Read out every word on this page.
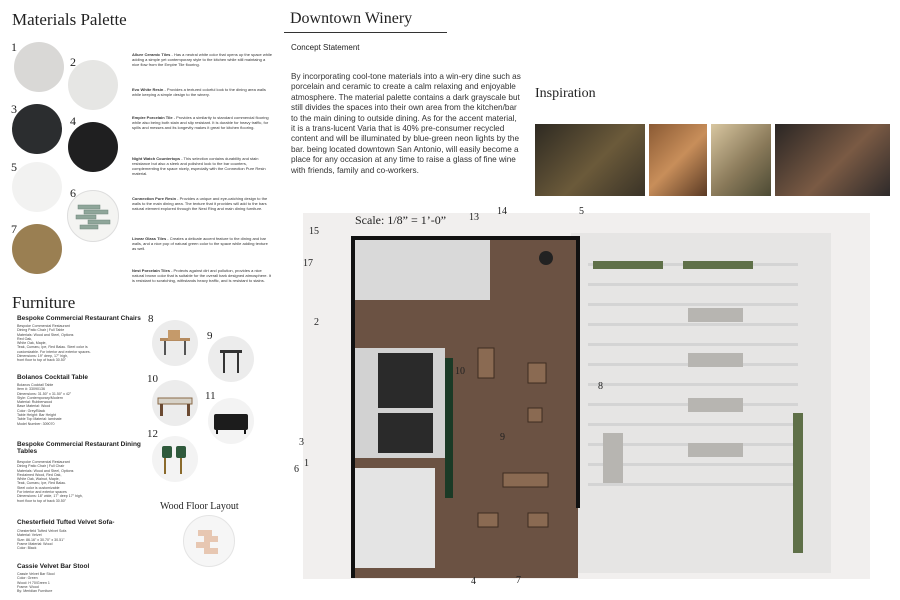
Materials Palette
1
2
3
4
5
6
7
Allure Ceramic Tiles - Has a neutral white color that opens up the space while adding a simple yet contemporary style to the kitchen while still maintaing a nice flow from the Empire Tile flooring.
Evo White Resin - Provides a textured colorful look to the dining area walls while keeping a simple design to the winery.
Empire Porcelain Tile - Provides a similarity to standard commercial flooring while also being both stain and slip resistant. It is durable for heavy traffic, for spills and messes and its longevity makes it great for kitchen flooring.
Night Watch Countertops - This selection contains durability and stain resistance but also a sleek and polished look to the bar counters, complementing the space nicely, especially with the Connection Pure Resin material.
Connection Pure Resin - Provides a unique and eye-catching design to the walls to the main dining area. The texture that it provides will add to the bars natural element explored through the Nest Ring and main dining furniture.
Linear Glass Tiles - Creates a delicate accent feature to the dining and bar walls, and a nice pop of natural green color to the space while adding texture as well.
Nest Porcelain Tiles - Protects against dirt and pollution, provides a nice natural brown color that is suitable for the overall bark designed atmosphere. It is resistant to scratching, withstands heavy traffic, and is resistant to stains.
Furniture
Bespoke Commercial Restaurant Chairs
Bespoke Commercial Restaurant
Dining Patio Chair | Full Table
Materials: Wood and Steel, Options
Red Oak,
White Oak, Maple,
Teak, Cumaru, Ipe, Red Balau. Steel color is
customizable. For interior and exterior spaces.
Dimensions: 19" deep, 17" high,
front floor to top of back 30.50"
Bolanos Cocktail Table
Bolanos Cocktail Table
Item #: 33090136
Dimensions: 31.50" x 31.50" x 42"
Style: Contemporary/Modern
Material: Rubberwood
Base Material: Wood
Color: Grey/Black
Table Height: Bar Height
Table Top Material: laminate
Model Number: 309070
Bespoke Commercial Restaurant Dining Tables
Bespoke Commercial Restaurant
Dining Patio Chair | Full Chair
Materials: Wood and Steel, Options
Reclaimed Wood, Red Oak,
White Oak, Walnut, Maple,
Teak, Cumaru, Ipe, Red Balau.
Steel color is customizable
For interior and exterior spaces
Dimensions: 18" wide, 17" deep 17" high,
front floor to top of back 30.50"
Chesterfield Tufted Velvet Sofa-
Chesterfield Tufted Velvet Sofa
Material: Velvet
Size: 86.16" x 30.70" x 30.51"
Frame Material: Wood
Color: Black
Cassie Velvet Bar Stool
Cassie Velvet Bar Stool
Color: Green
Wood: H 70/Green 1
Frame: Wood
By: Meridian Furniture
8
9
10
11
12
Wood Floor Layout
Downtown Winery
Concept Statement
By incorporating cool-tone materials into a win-ery dine such as porcelain and ceramic to create a calm relaxing and enjoyable atmosphere. The material palette contains a dark grayscale but still divides the spaces into their own area from the kitchen/bar to the main dining to outside dining. As for the accent material, it is a trans-lucent Varia that is 40% pre-consumer recycled content and will be illuminated by blue-green neon lights by the bar. being located downtown San Antonio, will easily become a place for any occasion at any time to raise a glass of fine wine with friends, family and co-workers.
Inspiration
Scale: 1/8” = 1’-0”
1
2
3
4
5
6
7
8
9
10
13
14
15
17
